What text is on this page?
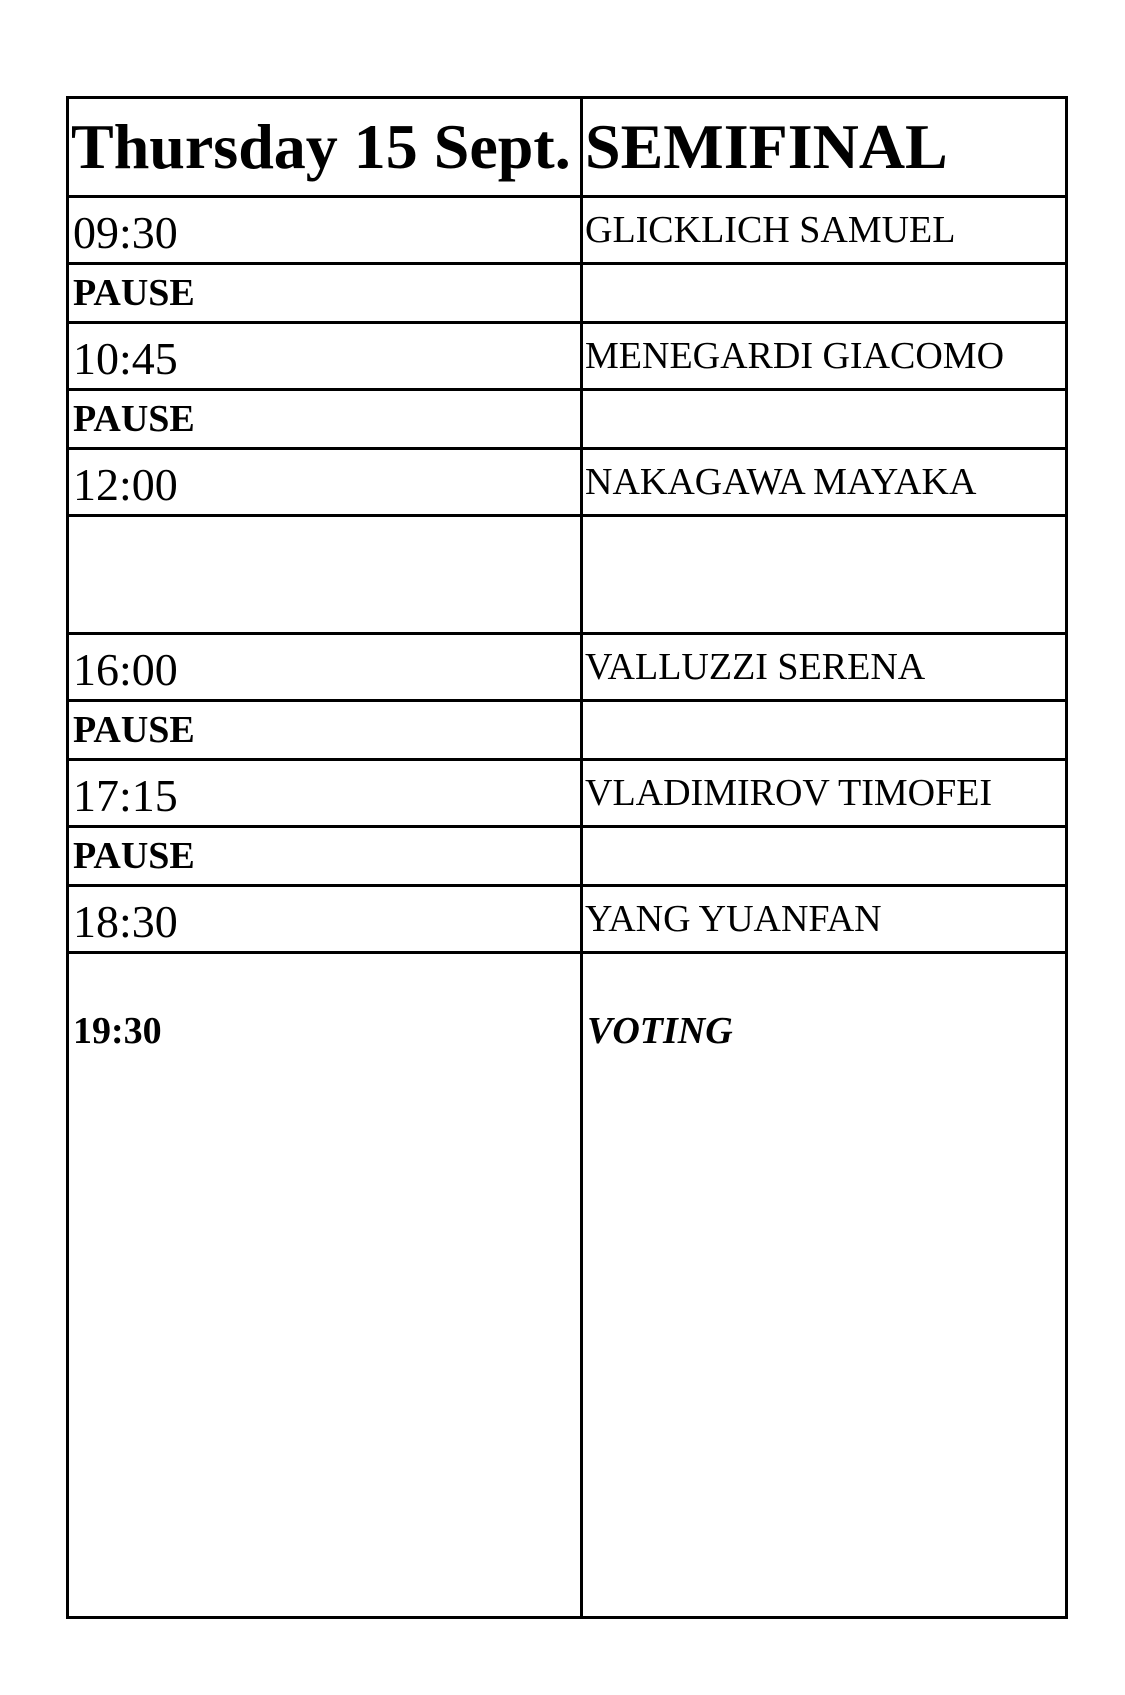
Thursday 15 Sept.	SEMIFINAL
09:30	GLICKLICH SAMUEL
PAUSE	
10:45	MENEGARDI GIACOMO
PAUSE	
12:00	NAKAGAWA MAYAKA

16:00	VALLUZZI SERENA
PAUSE	
17:15	VLADIMIROV TIMOFEI
PAUSE	
18:30	YANG YUANFAN
19:30	VOTING
